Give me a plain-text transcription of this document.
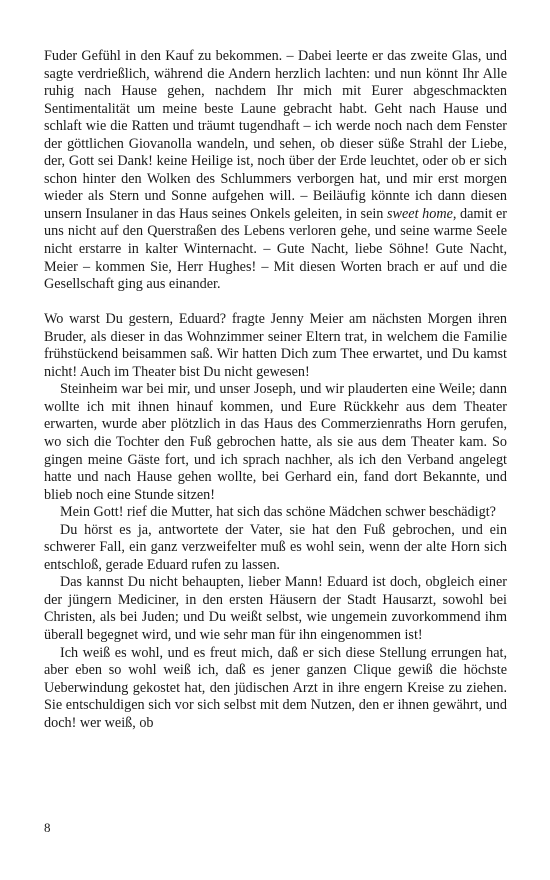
Fuder Gefühl in den Kauf zu bekommen. – Dabei leerte er das zweite Glas, und sagte verdrießlich, während die Andern herzlich lachten: und nun könnt Ihr Alle ruhig nach Hause gehen, nachdem Ihr mich mit Eurer abgeschmackten Sentimentalität um meine beste Laune gebracht habt. Geht nach Hause und schlaft wie die Ratten und träumt tugendhaft – ich werde noch nach dem Fenster der göttlichen Giovanolla wandeln, und sehen, ob dieser süße Strahl der Liebe, der, Gott sei Dank! keine Heilige ist, noch über der Erde leuchtet, oder ob er sich schon hinter den Wolken des Schlummers verborgen hat, und mir erst morgen wieder als Stern und Sonne aufgehen will. – Beiläufig könnte ich dann diesen unsern Insulaner in das Haus seines Onkels geleiten, in sein sweet home, damit er uns nicht auf den Querstraßen des Lebens verloren gehe, und seine warme Seele nicht erstarre in kalter Winternacht. – Gute Nacht, liebe Söhne! Gute Nacht, Meier – kommen Sie, Herr Hughes! – Mit diesen Worten brach er auf und die Gesellschaft ging aus einander.

Wo warst Du gestern, Eduard? fragte Jenny Meier am nächsten Morgen ihren Bruder, als dieser in das Wohnzimmer seiner Eltern trat, in welchem die Familie frühstückend beisammen saß. Wir hatten Dich zum Thee erwartet, und Du kamst nicht! Auch im Theater bist Du nicht gewesen!

Steinheim war bei mir, und unser Joseph, und wir plauderten eine Weile; dann wollte ich mit ihnen hinauf kommen, und Eure Rückkehr aus dem Theater erwarten, wurde aber plötzlich in das Haus des Commerzienraths Horn gerufen, wo sich die Tochter den Fuß gebrochen hatte, als sie aus dem Theater kam. So gingen meine Gäste fort, und ich sprach nachher, als ich den Verband angelegt hatte und nach Hause gehen wollte, bei Gerhard ein, fand dort Bekannte, und blieb noch eine Stunde sitzen!

Mein Gott! rief die Mutter, hat sich das schöne Mädchen schwer beschädigt?

Du hörst es ja, antwortete der Vater, sie hat den Fuß gebrochen, und ein schwerer Fall, ein ganz verzweifelter muß es wohl sein, wenn der alte Horn sich entschloß, gerade Eduard rufen zu lassen.

Das kannst Du nicht behaupten, lieber Mann! Eduard ist doch, obgleich einer der jüngern Mediciner, in den ersten Häusern der Stadt Hausarzt, sowohl bei Christen, als bei Juden; und Du weißt selbst, wie ungemein zuvorkommend ihm überall begegnet wird, und wie sehr man für ihn eingenommen ist!

Ich weiß es wohl, und es freut mich, daß er sich diese Stellung errungen hat, aber eben so wohl weiß ich, daß es jener ganzen Clique gewiß die höchste Ueberwindung gekostet hat, den jüdischen Arzt in ihre engern Kreise zu ziehen. Sie entschuldigen sich vor sich selbst mit dem Nutzen, den er ihnen gewährt, und doch! wer weiß, ob

8
